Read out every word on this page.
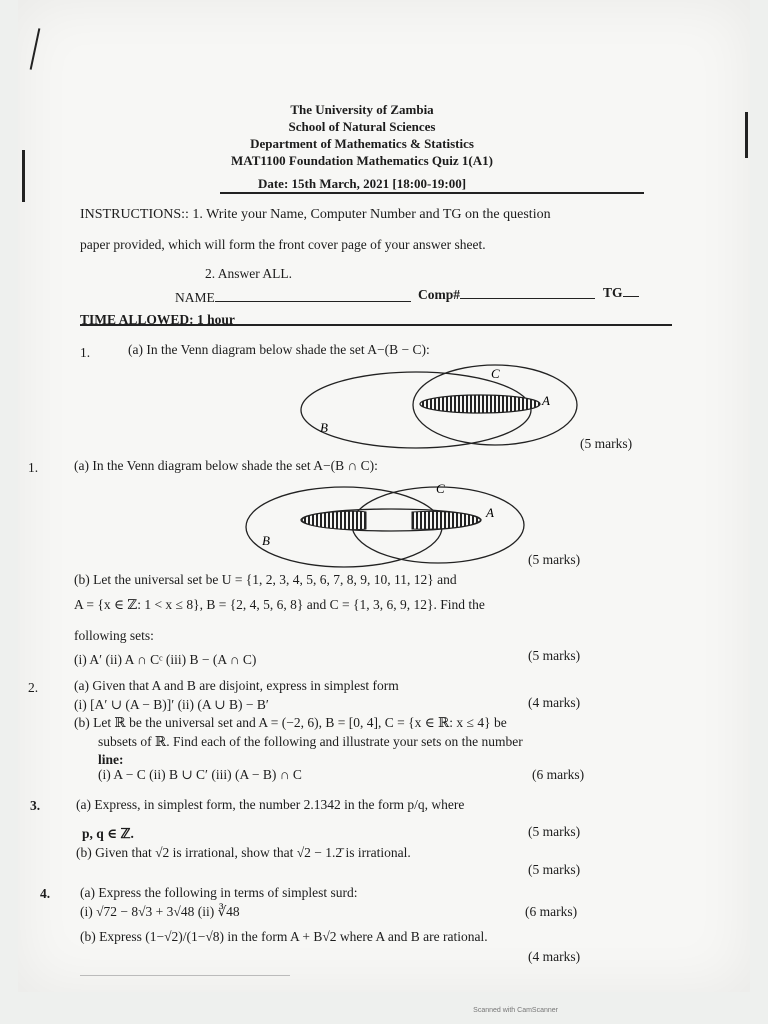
The University of Zambia
School of Natural Sciences
Department of Mathematics & Statistics
MAT1100 Foundation Mathematics Quiz 1(A1)
Date: 15th March, 2021 [18:00-19:00]
INSTRUCTIONS:: 1. Write your Name, Computer Number and TG on the question
paper provided, which will form the front cover page of your answer sheet.
2. Answer ALL.
NAME	Comp#	TG
TIME ALLOWED: 1 hour
1.	(a) In the Venn diagram below shade the set A−(B − C):
C
A
B
(5 marks)
1.	(a) In the Venn diagram below shade the set A−(B ∩ C):
C
A
B
(5 marks)
(b) Let the universal set be U = {1, 2, 3, 4, 5, 6, 7, 8, 9, 10, 11, 12} and
A = {x ∈ ℤ: 1 < x ≤ 8}, B = {2, 4, 5, 6, 8} and C = {1, 3, 6, 9, 12}. Find the
following sets:
(i) A′ (ii) A ∩ Cᶜ (iii) B − (A ∩ C)	(5 marks)
2.	(a) Given that A and B are disjoint, express in simplest form
(i) [A′ ∪ (A − B)]′ (ii) (A ∪ B) − B′	(4 marks)
(b) Let ℝ be the universal set and A = (−2, 6), B = [0, 4], C = {x ∈ ℝ: x ≤ 4} be
subsets of ℝ. Find each of the following and illustrate your sets on the number
line:
(i) A − C (ii) B ∪ C′ (iii) (A − B) ∩ C	(6 marks)
3.	(a) Express, in simplest form, the number 2.1342 in the form p/q, where
p, q ∈ ℤ.	(5 marks)
(b) Given that √2 is irrational, show that √2 − 1.2̄ is irrational.
(5 marks)
4. (a) Express the following in terms of simplest surd:
(i) √72 − 8√3 + 3√48 (ii) ∛48	(6 marks)
(b) Express (1−√2)/(1−√8) in the form A + B√2 where A and B are rational.
(4 marks)
Scanned with CamScanner
